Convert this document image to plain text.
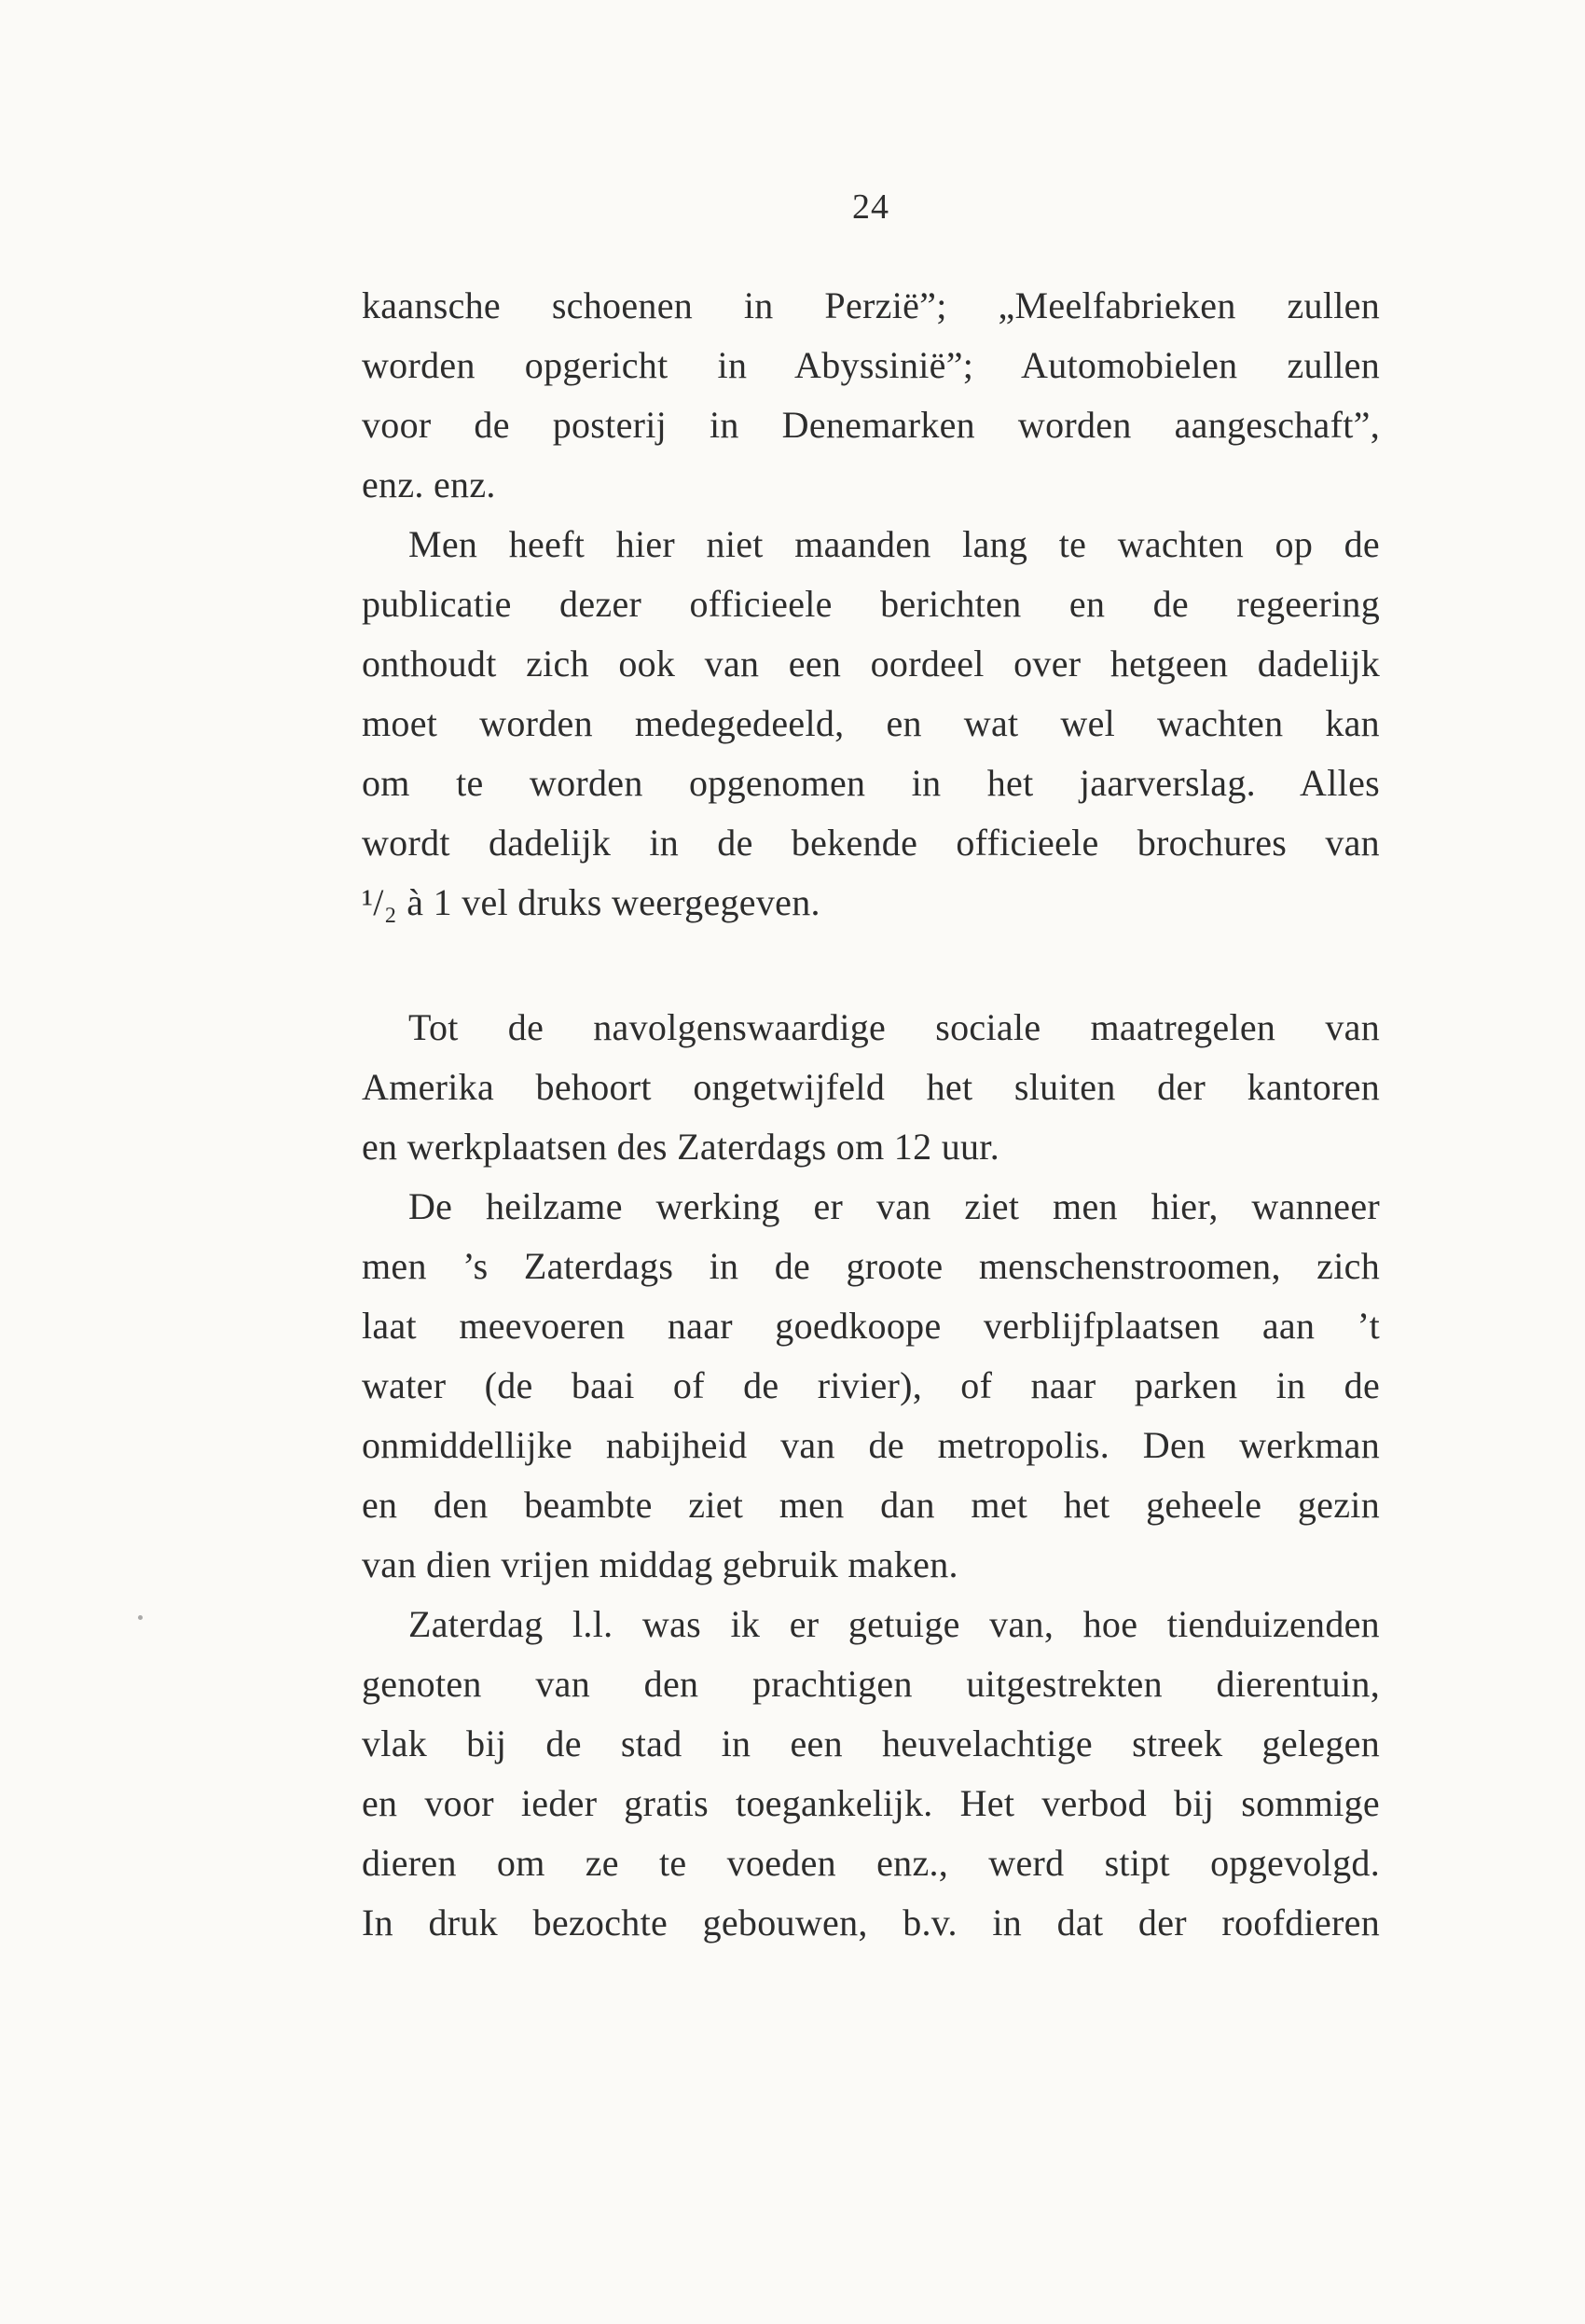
24
kaansche schoenen in Perzië”; „Meelfabrieken zullen
worden opgericht in Abyssinië”; Automobielen zullen
voor de posterij in Denemarken worden aangeschaft”,
enz. enz.
Men heeft hier niet maanden lang te wachten op de
publicatie dezer officieele berichten en de regeering
onthoudt zich ook van een oordeel over hetgeen dadelijk
moet worden medegedeeld, en wat wel wachten kan
om te worden opgenomen in het jaarverslag. Alles
wordt dadelijk in de bekende officieele brochures van
¹/₂ à 1 vel druks weergegeven.
Tot de navolgenswaardige sociale maatregelen van
Amerika behoort ongetwijfeld het sluiten der kantoren
en werkplaatsen des Zaterdags om 12 uur.
De heilzame werking er van ziet men hier, wanneer
men ’s Zaterdags in de groote menschenstroomen, zich
laat meevoeren naar goedkoope verblijfplaatsen aan ’t
water (de baai of de rivier), of naar parken in de
onmiddellijke nabijheid van de metropolis. Den werkman
en den beambte ziet men dan met het geheele gezin
van dien vrijen middag gebruik maken.
Zaterdag l.l. was ik er getuige van, hoe tienduizenden
genoten van den prachtigen uitgestrekten dierentuin,
vlak bij de stad in een heuvelachtige streek gelegen
en voor ieder gratis toegankelijk. Het verbod bij sommige
dieren om ze te voeden enz., werd stipt opgevolgd.
In druk bezochte gebouwen, b.v. in dat der roofdieren
